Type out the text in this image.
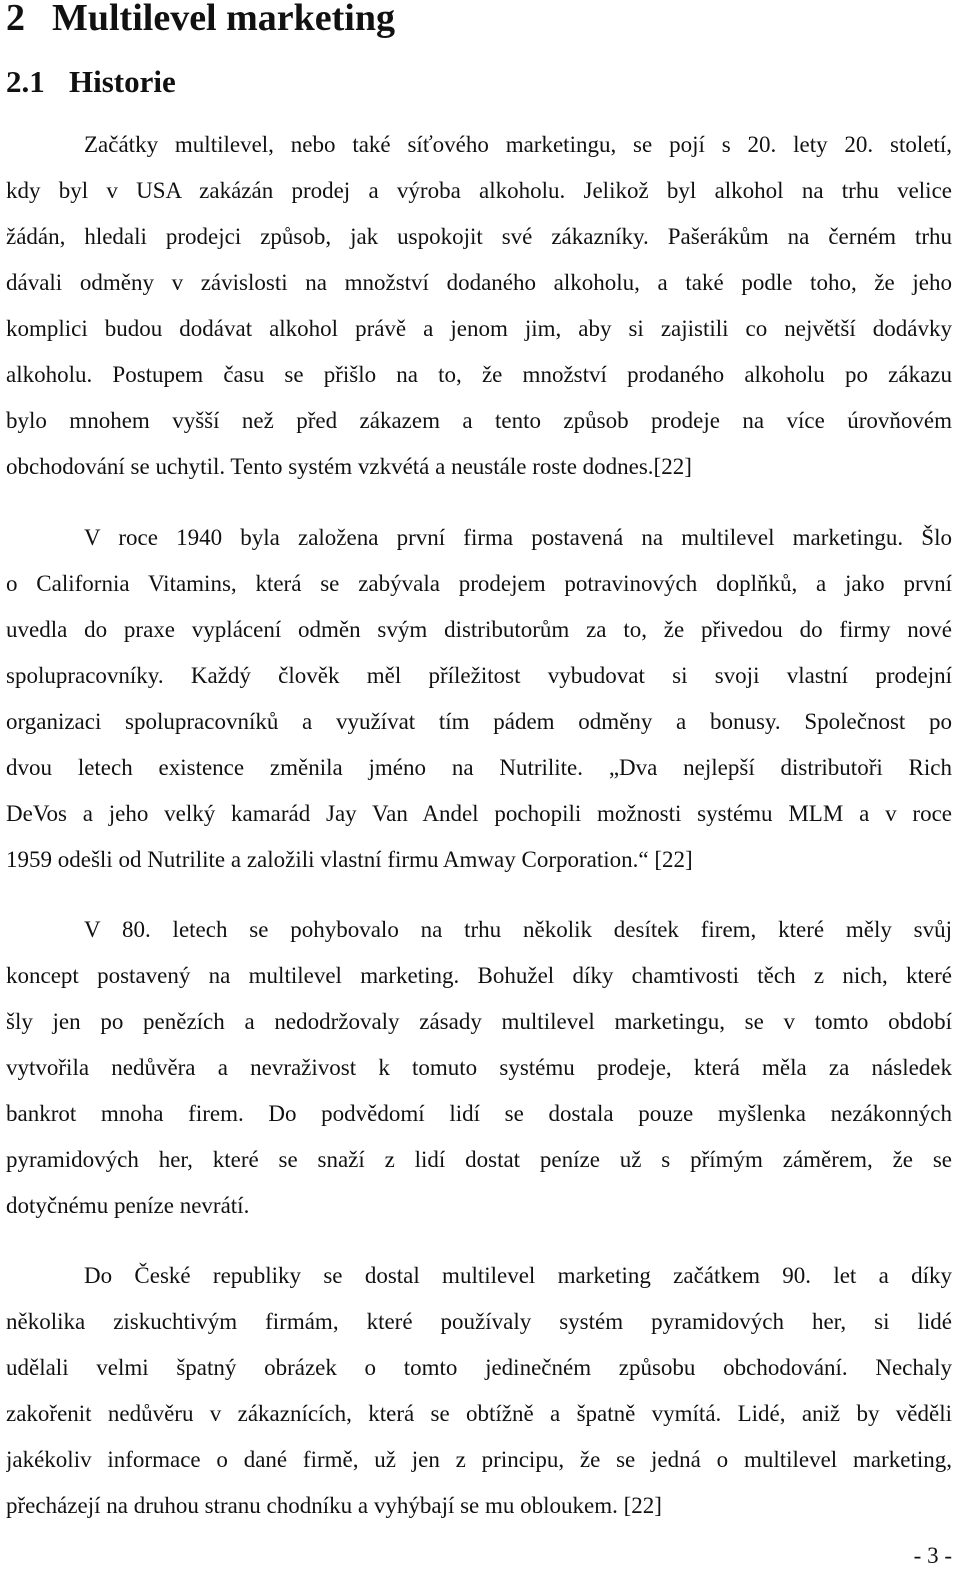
2 Multilevel marketing
2.1 Historie
Začátky multilevel, nebo také síťového marketingu, se pojí s 20. lety 20. století,
kdy byl v USA zakázán prodej a výroba alkoholu. Jelikož byl alkohol na trhu velice
žádán, hledali prodejci způsob, jak uspokojit své zákazníky. Pašerákům na černém trhu
dávali odměny v závislosti na množství dodaného alkoholu, a také podle toho, že jeho
komplici budou dodávat alkohol právě a jenom jim, aby si zajistili co největší dodávky
alkoholu. Postupem času se přišlo na to, že množství prodaného alkoholu po zákazu
bylo mnohem vyšší než před zákazem a tento způsob prodeje na více úrovňovém
obchodování se uchytil. Tento systém vzkvétá a neustále roste dodnes.[22]
V roce 1940 byla založena první firma postavená na multilevel marketingu. Šlo
o California Vitamins, která se zabývala prodejem potravinových doplňků, a jako první
uvedla do praxe vyplácení odměn svým distributorům za to, že přivedou do firmy nové
spolupracovníky. Každý člověk měl příležitost vybudovat si svoji vlastní prodejní
organizaci spolupracovníků a využívat tím pádem odměny a bonusy. Společnost po
dvou letech existence změnila jméno na Nutrilite. „Dva nejlepší distributoři Rich
DeVos a jeho velký kamarád Jay Van Andel pochopili možnosti systému MLM a v roce
1959 odešli od Nutrilite a založili vlastní firmu Amway Corporation.“ [22]
V 80. letech se pohybovalo na trhu několik desítek firem, které měly svůj
koncept postavený na multilevel marketing. Bohužel díky chamtivosti těch z nich, které
šly jen po penězích a nedodržovaly zásady multilevel marketingu, se v tomto období
vytvořila nedůvěra a nevraživost k tomuto systému prodeje, která měla za následek
bankrot mnoha firem. Do podvědomí lidí se dostala pouze myšlenka nezákonných
pyramidových her, které se snaží z lidí dostat peníze už s přímým záměrem, že se
dotyčnému peníze nevrátí.
Do České republiky se dostal multilevel marketing začátkem 90. let a díky
několika ziskuchtivým firmám, které používaly systém pyramidových her, si lidé
udělali velmi špatný obrázek o tomto jedinečném způsobu obchodování. Nechaly
zakořenit nedůvěru v zákaznících, která se obtížně a špatně vymítá. Lidé, aniž by věděli
jakékoliv informace o dané firmě, už jen z principu, že se jedná o multilevel marketing,
přecházejí na druhou stranu chodníku a vyhýbají se mu obloukem. [22]
- 3 -
